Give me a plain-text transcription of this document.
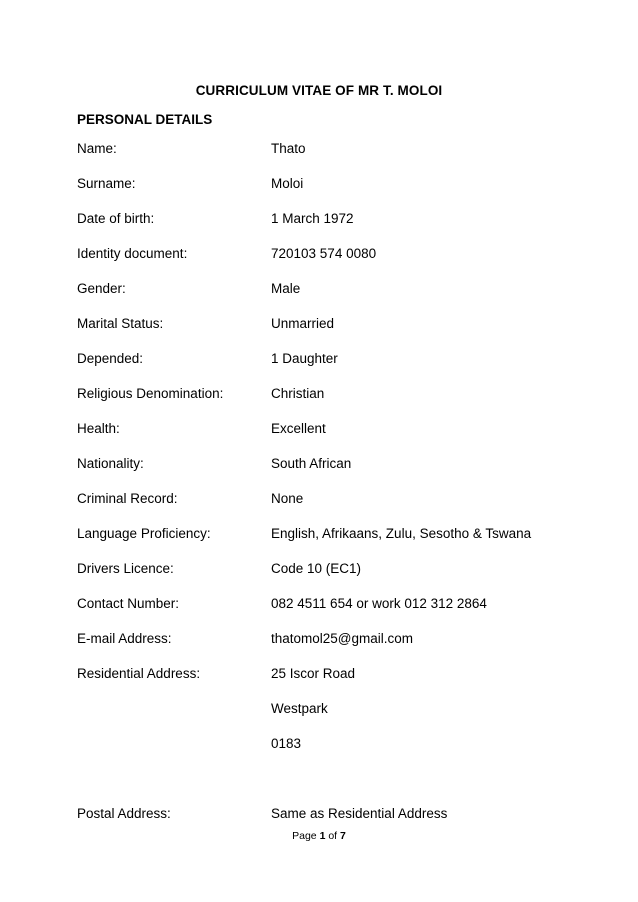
CURRICULUM VITAE OF MR T. MOLOI
PERSONAL DETAILS
Name:	Thato
Surname:	Moloi
Date of birth:	1 March 1972
Identity document:	720103 574 0080
Gender:	Male
Marital Status:	Unmarried
Depended:	1 Daughter
Religious Denomination:	Christian
Health:	Excellent
Nationality:	South African
Criminal Record:	None
Language Proficiency:	English, Afrikaans, Zulu, Sesotho & Tswana
Drivers Licence:	Code 10 (EC1)
Contact Number:	082 4511 654 or work 012 312 2864
E-mail Address:	thatomol25@gmail.com
Residential Address:	25 Iscor Road
Westpark
0183
Postal Address:	Same as Residential Address
Page 1 of 7
